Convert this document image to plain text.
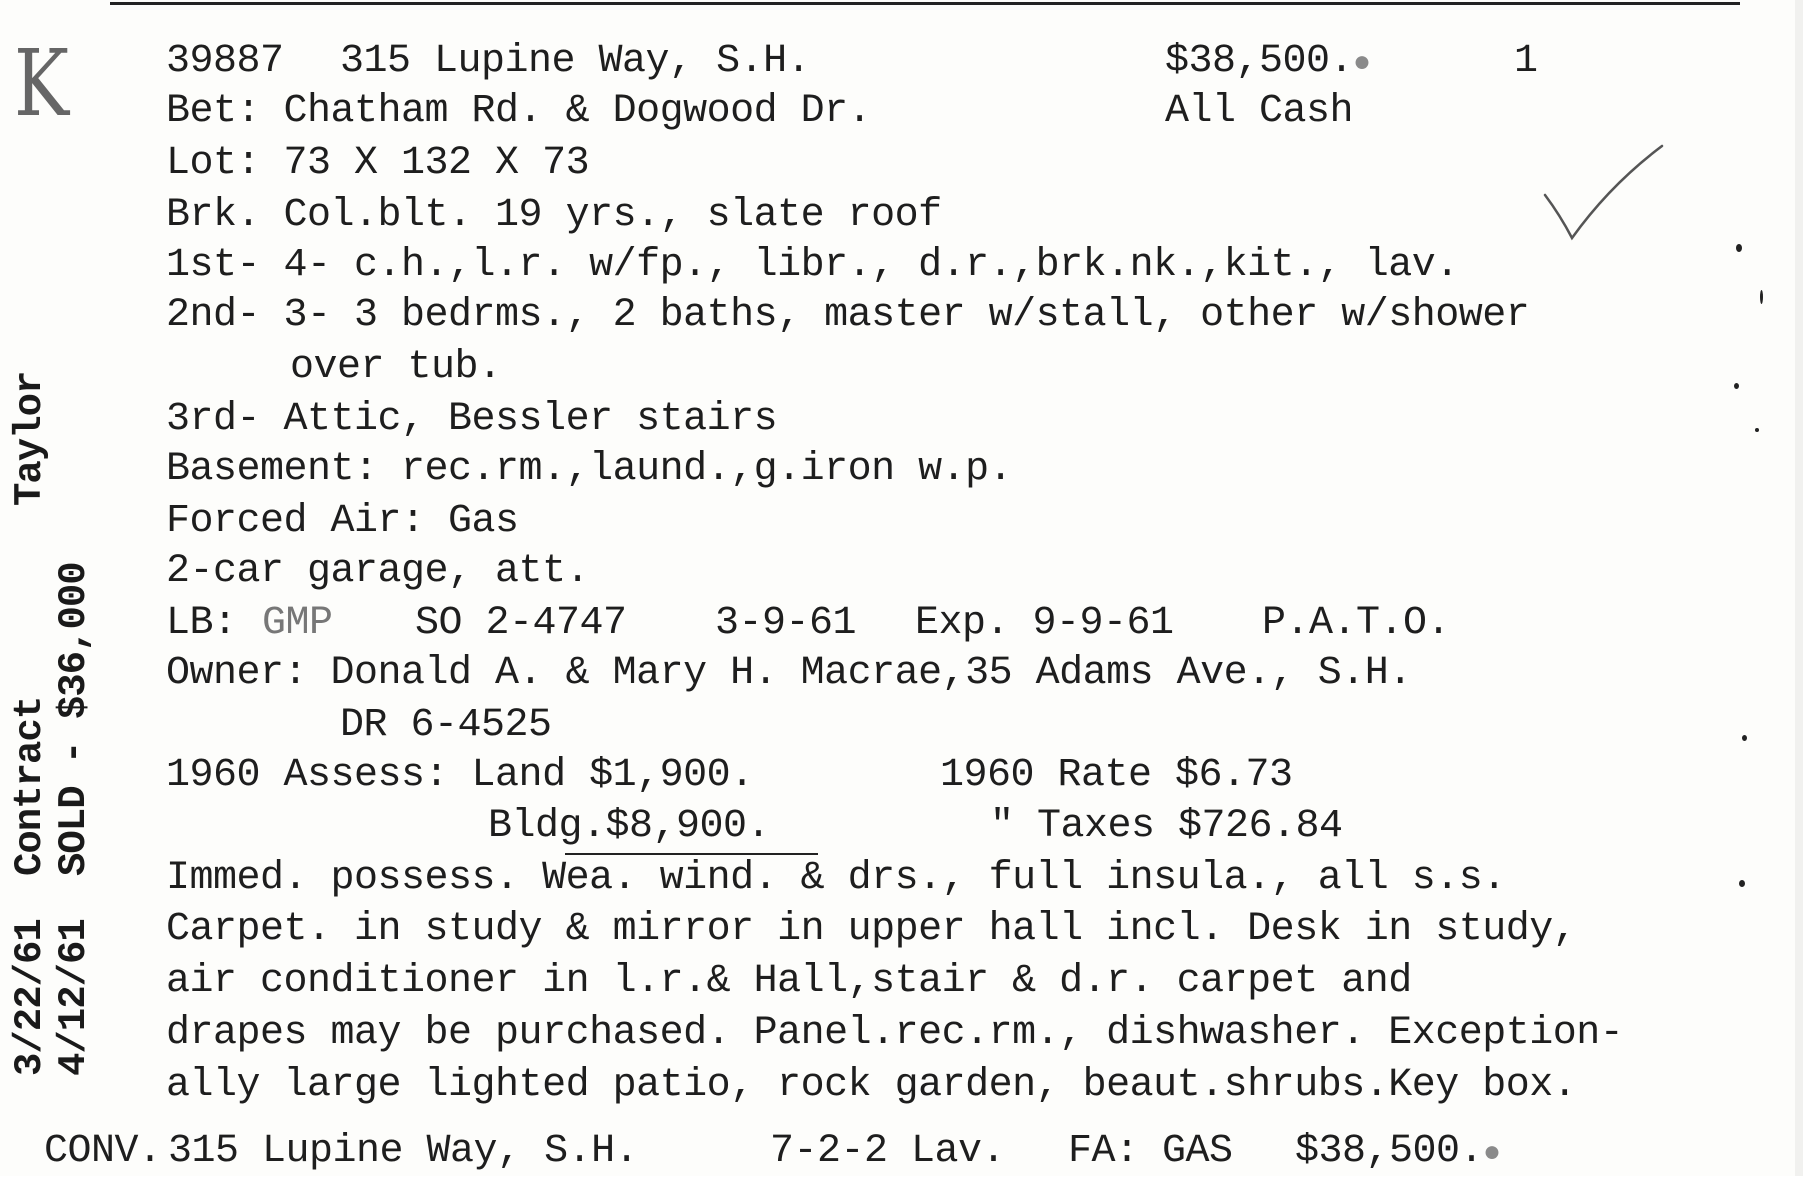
K 39887 315 Lupine Way, S.H.	$38,500.●	1
Bet: Chatham Rd. & Dogwood Dr.	All Cash
Lot: 73 X 132 X 73
Brk. Col.blt. 19 yrs., slate roof
1st- 4- c.h.,l.r. w/fp., libr., d.r.,brk.nk.,kit., lav.
2nd- 3- 3 bedrms., 2 baths, master w/stall, other w/shower
over tub.
3rd- Attic, Bessler stairs
Basement: rec.rm.,laund.,g.iron w.p.
Forced Air: Gas
2-car garage, att.
LB: GMP SO 2-4747 3-9-61 Exp. 9-9-61 P.A.T.O.
Owner: Donald A. & Mary H. Macrae,35 Adams Ave., S.H.
DR 6-4525
1960 Assess: Land $1,900.	1960 Rate $6.73
Bldg.$8,900.	" Taxes $726.84
Immed. possess. Wea. wind. & drs., full insula., all s.s.
Carpet. in study & mirror in upper hall incl. Desk in study,
air conditioner in l.r.& Hall,stair & d.r. carpet and
drapes may be purchased. Panel.rec.rm., dishwasher. Exception-
ally large lighted patio, rock garden, beaut.shrubs.Key box.
CONV. 315 Lupine Way, S.H.	7-2-2 Lav. FA: GAS $38,500.●
3/22/61
Contract
Taylor
4/12/61
SOLD - $36,000
